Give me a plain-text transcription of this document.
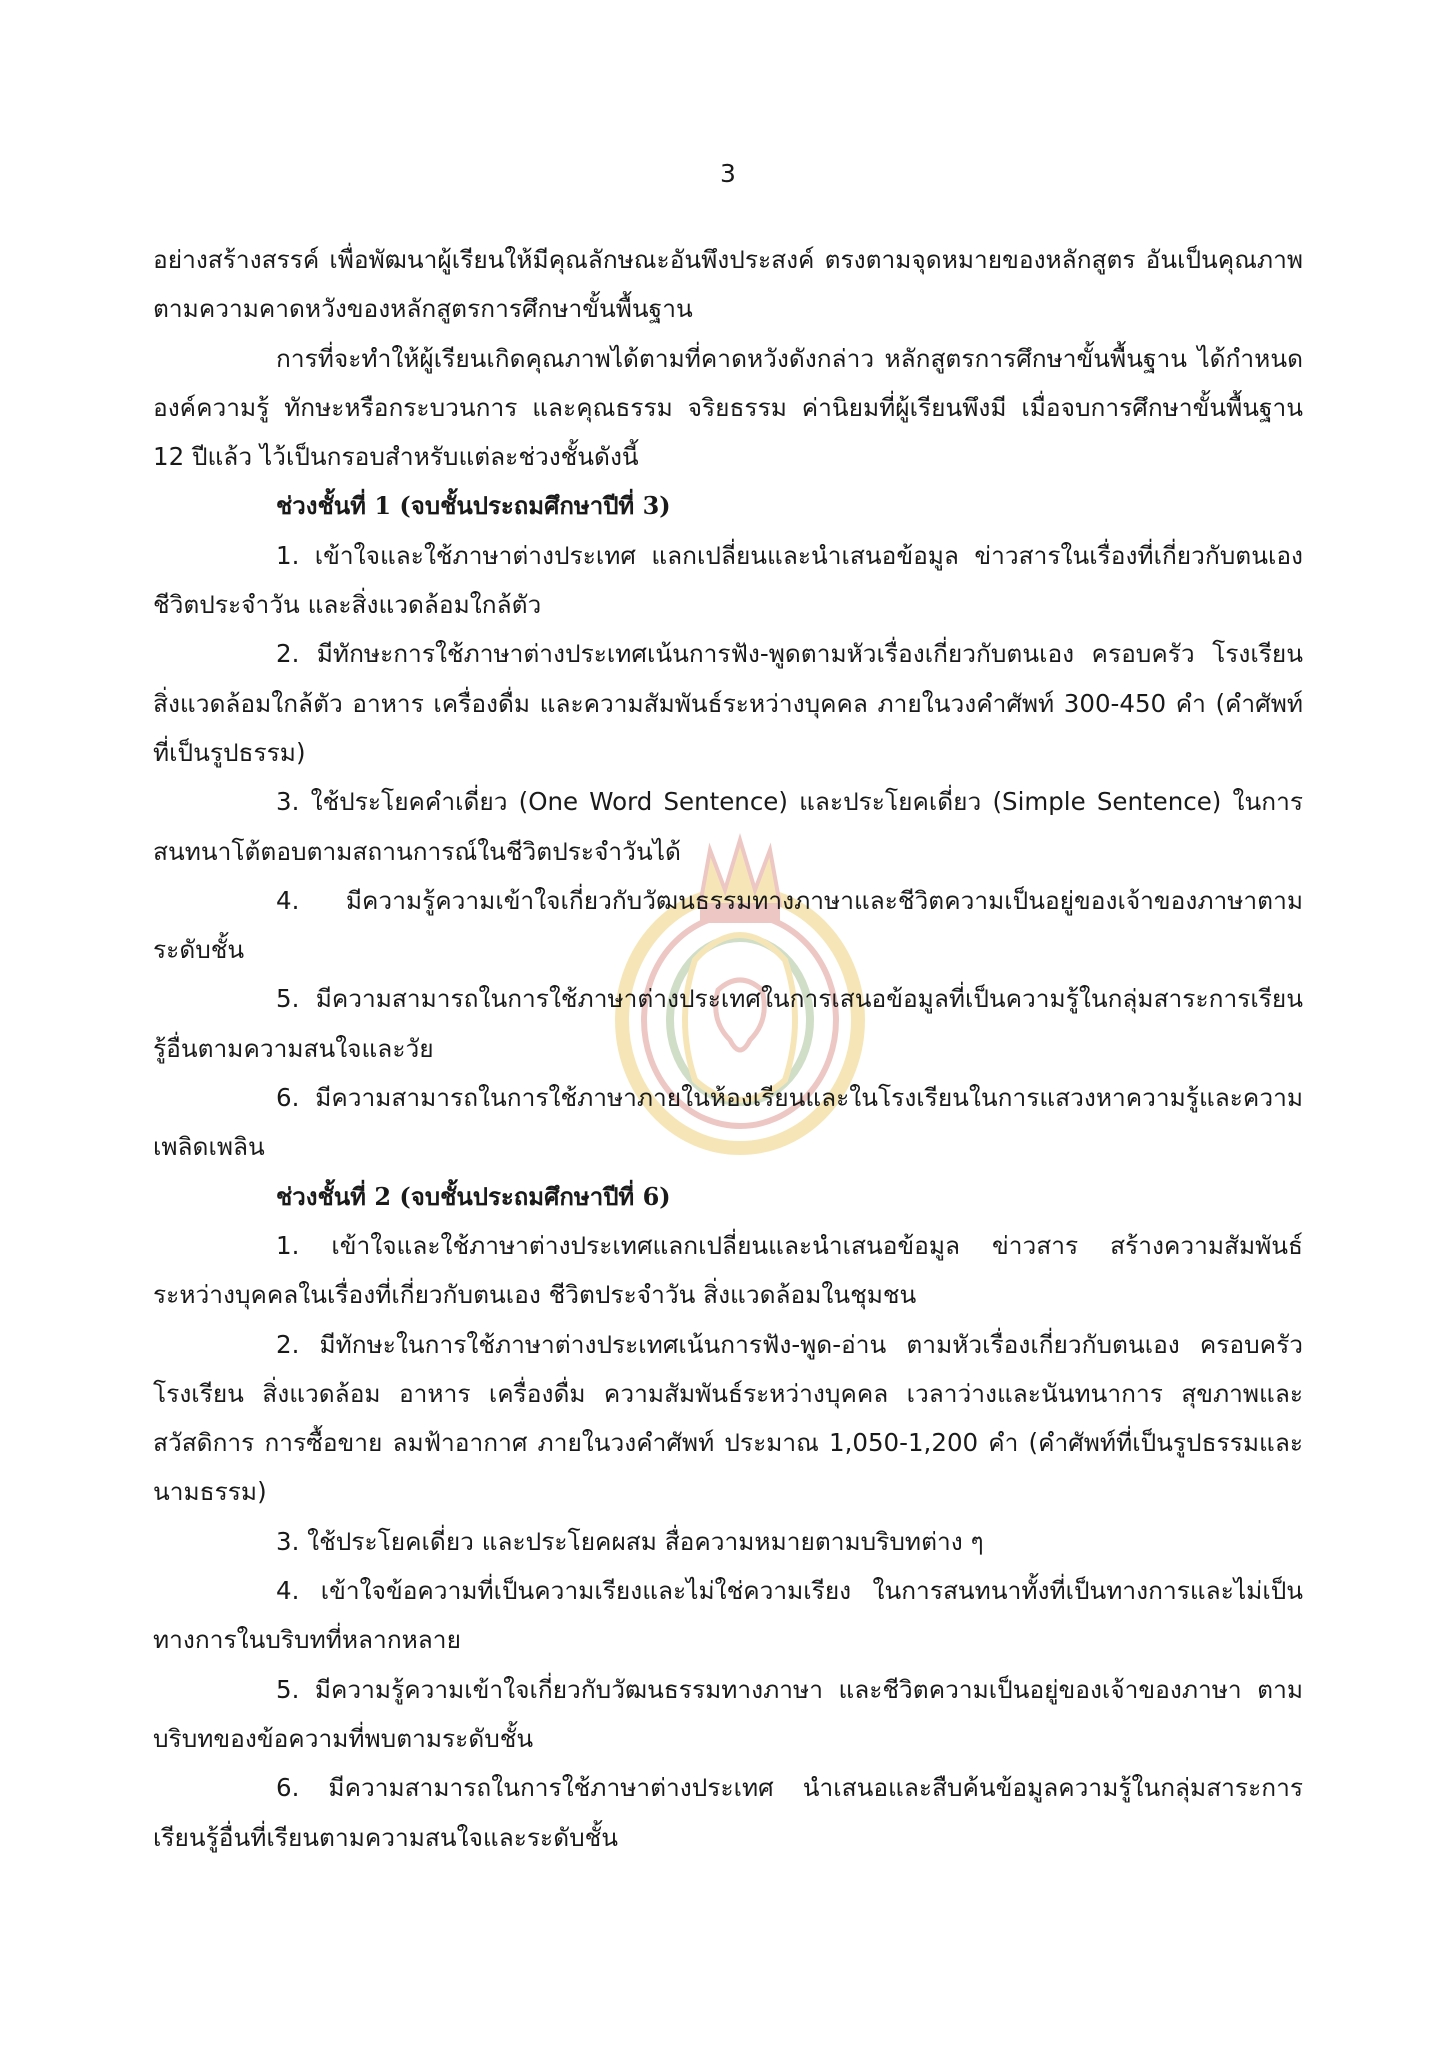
3

อย่างสร้างสรรค์ เพื่อพัฒนาผู้เรียนให้มีคุณลักษณะอันพึงประสงค์ ตรงตามจุดหมายของหลักสูตร อันเป็นคุณภาพตามความคาดหวังของหลักสูตรการศึกษาขั้นพื้นฐาน

การที่จะทำให้ผู้เรียนเกิดคุณภาพได้ตามที่คาดหวังดังกล่าว หลักสูตรการศึกษาขั้นพื้นฐาน ได้กำหนดองค์ความรู้ ทักษะหรือกระบวนการ และคุณธรรม จริยธรรม ค่านิยมที่ผู้เรียนพึงมี เมื่อจบการศึกษาขั้นพื้นฐาน 12 ปีแล้ว ไว้เป็นกรอบสำหรับแต่ละช่วงชั้นดังนี้

ช่วงชั้นที่ 1 (จบชั้นประถมศึกษาปีที่ 3)

1. เข้าใจและใช้ภาษาต่างประเทศ แลกเปลี่ยนและนำเสนอข้อมูล ข่าวสารในเรื่องที่เกี่ยวกับตนเอง ชีวิตประจำวัน และสิ่งแวดล้อมใกล้ตัว

2. มีทักษะการใช้ภาษาต่างประเทศเน้นการฟัง-พูดตามหัวเรื่องเกี่ยวกับตนเอง ครอบครัว โรงเรียน สิ่งแวดล้อมใกล้ตัว อาหาร เครื่องดื่ม และความสัมพันธ์ระหว่างบุคคล ภายในวงคำศัพท์ 300-450 คำ (คำศัพท์ที่เป็นรูปธรรม)

3. ใช้ประโยคคำเดี่ยว (One Word Sentence) และประโยคเดี่ยว (Simple Sentence) ในการสนทนาโต้ตอบตามสถานการณ์ในชีวิตประจำวันได้

4. มีความรู้ความเข้าใจเกี่ยวกับวัฒนธรรมทางภาษาและชีวิตความเป็นอยู่ของเจ้าของภาษาตามระดับชั้น

5. มีความสามารถในการใช้ภาษาต่างประเทศในการเสนอข้อมูลที่เป็นความรู้ในกลุ่มสาระการเรียนรู้อื่นตามความสนใจและวัย

6. มีความสามารถในการใช้ภาษาภายในห้องเรียนและในโรงเรียนในการแสวงหาความรู้และความเพลิดเพลิน

ช่วงชั้นที่ 2 (จบชั้นประถมศึกษาปีที่ 6)

1. เข้าใจและใช้ภาษาต่างประเทศแลกเปลี่ยนและนำเสนอข้อมูล ข่าวสาร สร้างความสัมพันธ์ระหว่างบุคคลในเรื่องที่เกี่ยวกับตนเอง ชีวิตประจำวัน สิ่งแวดล้อมในชุมชน

2. มีทักษะในการใช้ภาษาต่างประเทศเน้นการฟัง-พูด-อ่าน ตามหัวเรื่องเกี่ยวกับตนเอง ครอบครัว โรงเรียน สิ่งแวดล้อม อาหาร เครื่องดื่ม ความสัมพันธ์ระหว่างบุคคล เวลาว่างและนันทนาการ สุขภาพและสวัสดิการ การซื้อขาย ลมฟ้าอากาศ ภายในวงคำศัพท์ ประมาณ 1,050-1,200 คำ (คำศัพท์ที่เป็นรูปธรรมและนามธรรม)

3. ใช้ประโยคเดี่ยว และประโยคผสม สื่อความหมายตามบริบทต่าง ๆ

4. เข้าใจข้อความที่เป็นความเรียงและไม่ใช่ความเรียง ในการสนทนาทั้งที่เป็นทางการและไม่เป็นทางการในบริบทที่หลากหลาย

5. มีความรู้ความเข้าใจเกี่ยวกับวัฒนธรรมทางภาษา และชีวิตความเป็นอยู่ของเจ้าของภาษา ตามบริบทของข้อความที่พบตามระดับชั้น

6. มีความสามารถในการใช้ภาษาต่างประเทศ นำเสนอและสืบค้นข้อมูลความรู้ในกลุ่มสาระการเรียนรู้อื่นที่เรียนตามความสนใจและระดับชั้น
